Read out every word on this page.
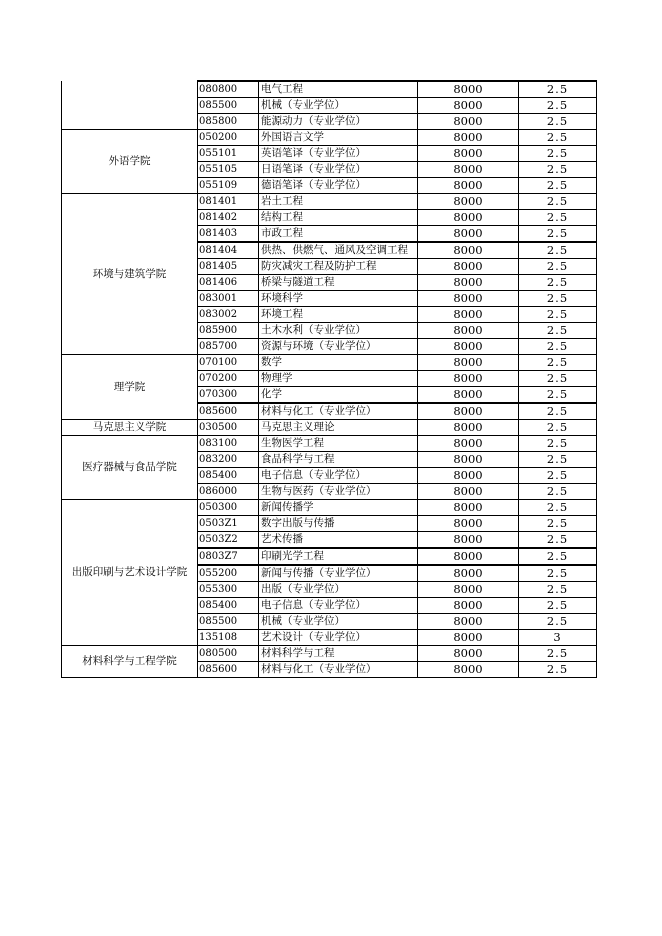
	080800	电气工程	8000	2.5
	085500	机械（专业学位）	8000	2.5
	085800	能源动力（专业学位）	8000	2.5
外语学院	050200	外国语言文学	8000	2.5
	055101	英语笔译（专业学位）	8000	2.5
	055105	日语笔译（专业学位）	8000	2.5
	055109	德语笔译（专业学位）	8000	2.5
环境与建筑学院	081401	岩土工程	8000	2.5
	081402	结构工程	8000	2.5
	081403	市政工程	8000	2.5
	081404	供热、供燃气、通风及空调工程	8000	2.5
	081405	防灾减灾工程及防护工程	8000	2.5
	081406	桥梁与隧道工程	8000	2.5
	083001	环境科学	8000	2.5
	083002	环境工程	8000	2.5
	085900	土木水利（专业学位）	8000	2.5
	085700	资源与环境（专业学位）	8000	2.5
理学院	070100	数学	8000	2.5
	070200	物理学	8000	2.5
	070300	化学	8000	2.5
	085600	材料与化工（专业学位）	8000	2.5
马克思主义学院	030500	马克思主义理论	8000	2.5
医疗器械与食品学院	083100	生物医学工程	8000	2.5
	083200	食品科学与工程	8000	2.5
	085400	电子信息（专业学位）	8000	2.5
	086000	生物与医药（专业学位）	8000	2.5
出版印刷与艺术设计学院	050300	新闻传播学	8000	2.5
	0503Z1	数字出版与传播	8000	2.5
	0503Z2	艺术传播	8000	2.5
	0803Z7	印刷光学工程	8000	2.5
	055200	新闻与传播（专业学位）	8000	2.5
	055300	出版（专业学位）	8000	2.5
	085400	电子信息（专业学位）	8000	2.5
	085500	机械（专业学位）	8000	2.5
	135108	艺术设计（专业学位）	8000	3
材料科学与工程学院	080500	材料科学与工程	8000	2.5
	085600	材料与化工（专业学位）	8000	2.5
